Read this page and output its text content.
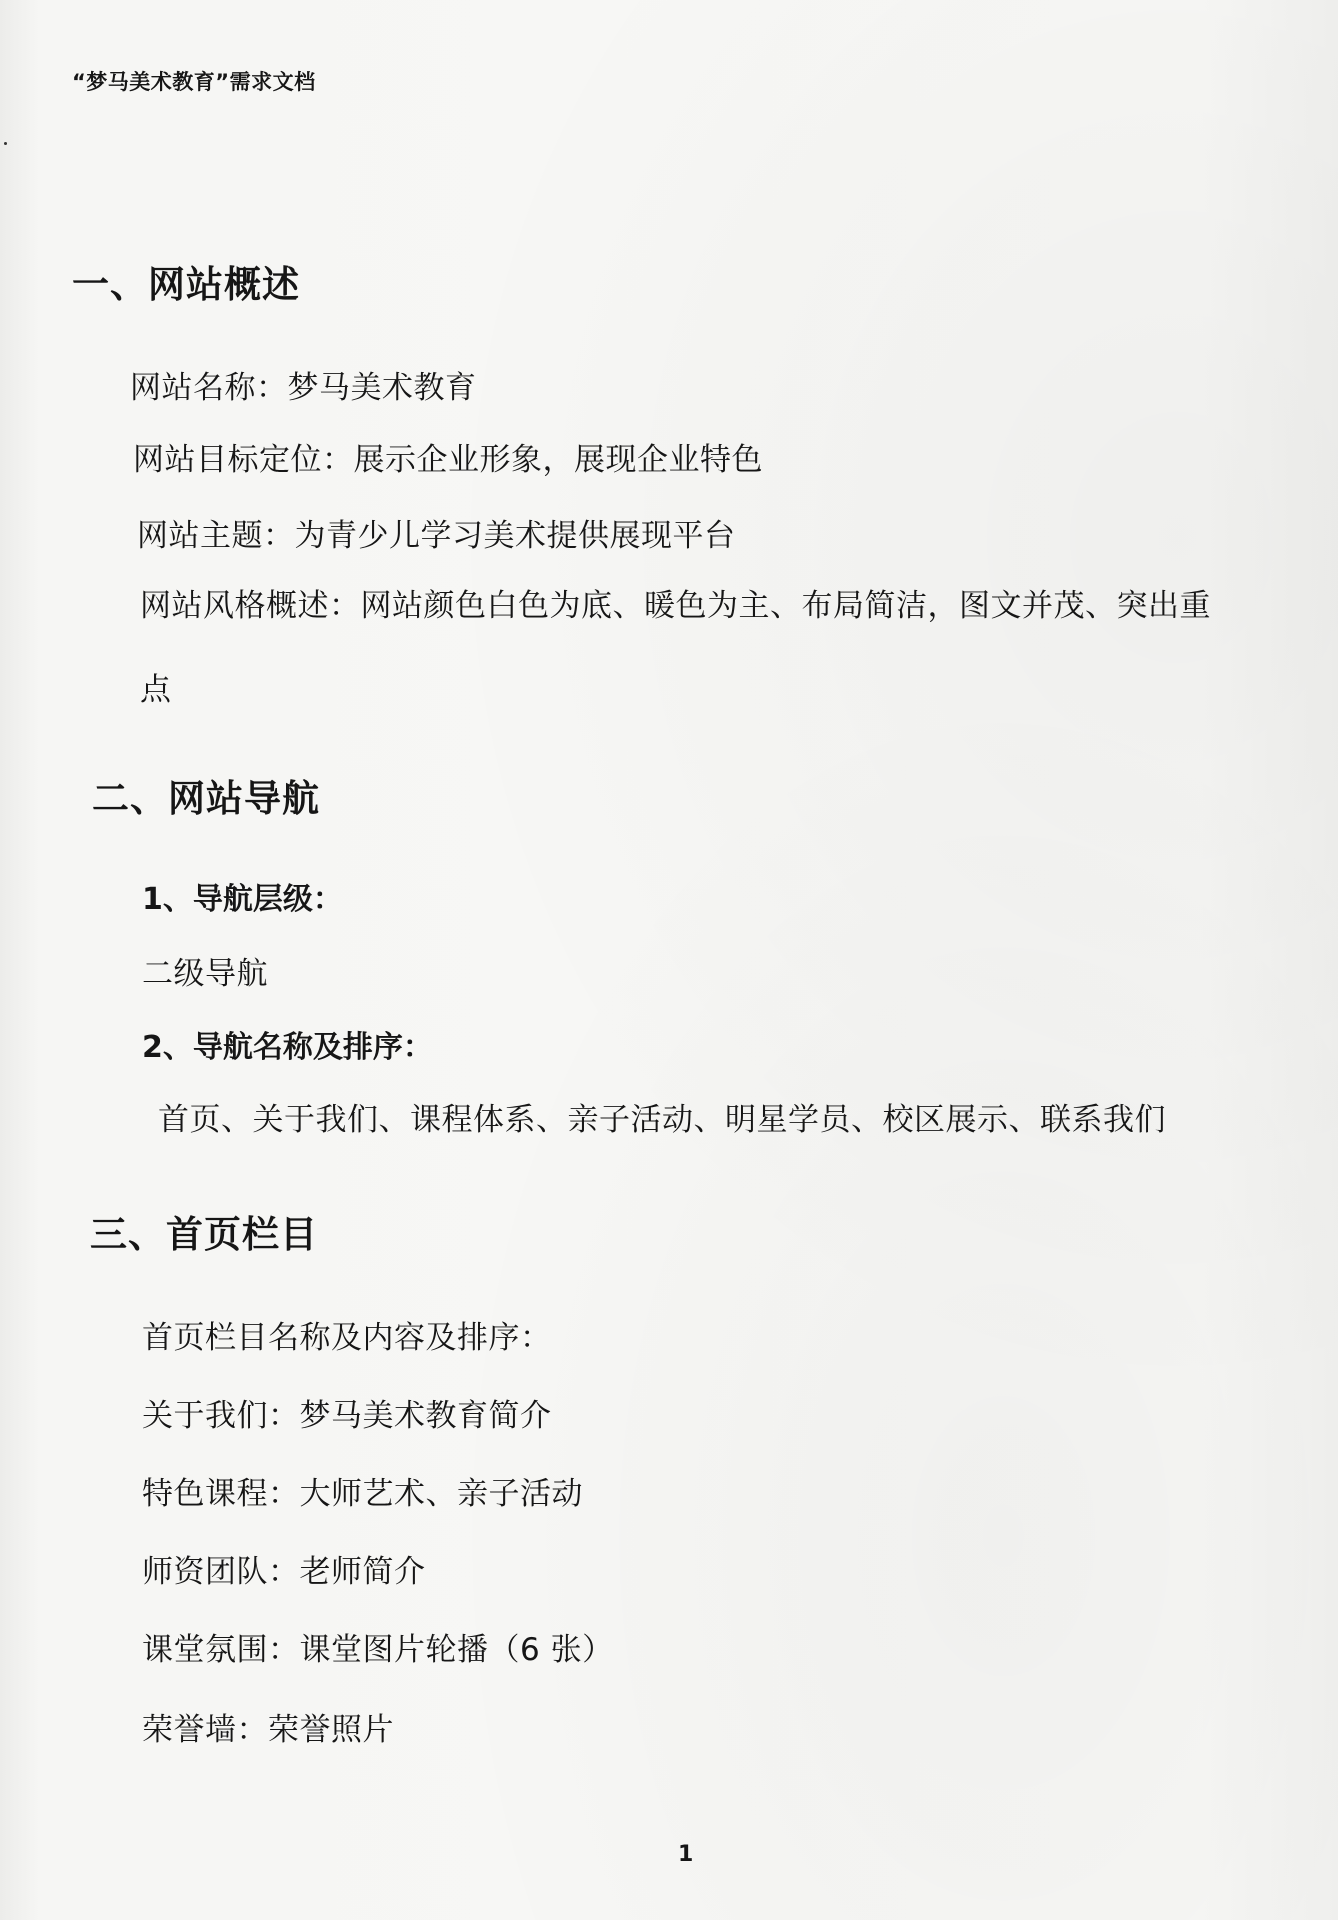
“梦马美术教育”需求文档
一、网站概述
网站名称：梦马美术教育
网站目标定位：展示企业形象，展现企业特色
网站主题：为青少儿学习美术提供展现平台
网站风格概述：网站颜色白色为底、暖色为主、布局简洁，图文并茂、突出重点
二、网站导航
1、导航层级：
二级导航
2、导航名称及排序：
首页、关于我们、课程体系、亲子活动、明星学员、校区展示、联系我们
三、首页栏目
首页栏目名称及内容及排序：
关于我们：梦马美术教育简介
特色课程：大师艺术、亲子活动
师资团队：老师简介
课堂氛围：课堂图片轮播（6 张）
荣誉墙：荣誉照片
1
